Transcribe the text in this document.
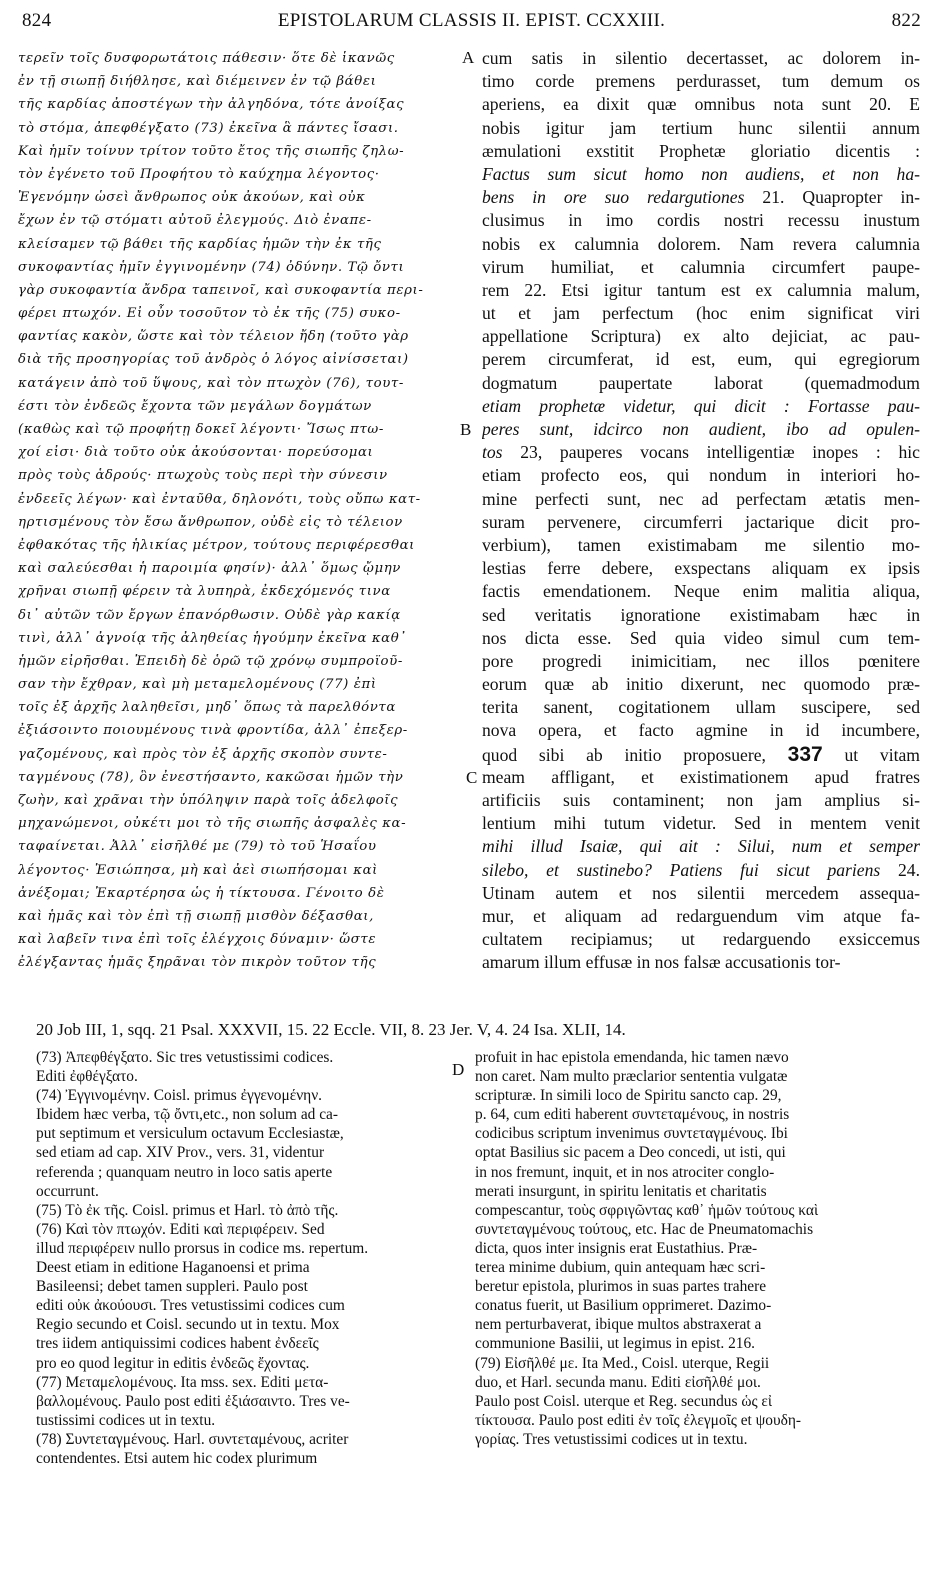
824	EPISTOLARUM CLASSIS II. EPIST. CCXXIII.	822
τερεῖν τοῖς δυσφορωτάτοις πάθεσιν· ὅτε δὲ ἱκανῶς
ἐν τῇ σιωπῇ διήθλησε, καὶ διέμεινεν ἐν τῷ βάθει
τῆς καρδίας ἀποστέγων τὴν ἀλγηδόνα, τότε ἀνοίξας
τὸ στόμα, ἀπεφθέγξατο (73) ἐκεῖνα ἃ πάντες ἴσασι.
Καὶ ἡμῖν τοίνυν τρίτον τοῦτο ἔτος τῆς σιωπῆς ζηλω-
τὸν ἐγένετο τοῦ Προφήτου τὸ καύχημα λέγοντος·
Ἐγενόμην ὡσεὶ ἄνθρωπος οὐκ ἀκούων, καὶ οὐκ
ἔχων ἐν τῷ στόματι αὐτοῦ ἐλεγμούς. Διὸ ἐναπε-
κλείσαμεν τῷ βάθει τῆς καρδίας ἡμῶν τὴν ἐκ τῆς
συκοφαντίας ἡμῖν ἐγγινομένην (74) ὀδύνην. Τῷ ὄντι
γὰρ συκοφαντία ἄνδρα ταπεινοῖ, καὶ συκοφαντία περι-
φέρει πτωχόν. Εἰ οὖν τοσοῦτον τὸ ἐκ τῆς (75) συκο-
φαντίας κακὸν, ὥστε καὶ τὸν τέλειον ἤδη (τοῦτο γὰρ
διὰ τῆς προσηγορίας τοῦ ἀνδρὸς ὁ λόγος αἰνίσσεται)
κατάγειν ἀπὸ τοῦ ὕψους, καὶ τὸν πτωχὸν (76), τουτ-
έστι τὸν ἐνδεῶς ἔχοντα τῶν μεγάλων δογμάτων
(καθὼς καὶ τῷ προφήτῃ δοκεῖ λέγοντι· Ἴσως πτω-
χοί εἰσι· διὰ τοῦτο οὐκ ἀκούσονται· πορεύσομαι
πρὸς τοὺς ἁδρούς· πτωχοὺς τοὺς περὶ τὴν σύνεσιν
ἐνδεεῖς λέγων· καὶ ἐνταῦθα, δηλονότι, τοὺς οὔπω κατ-
ηρτισμένους τὸν ἔσω ἄνθρωπον, οὐδὲ εἰς τὸ τέλειον
ἐφθακότας τῆς ἡλικίας μέτρον, τούτους περιφέρεσθαι
καὶ σαλεύεσθαι ἡ παροιμία φησίν)· ἀλλ᾽ ὅμως ᾤμην
χρῆναι σιωπῇ φέρειν τὰ λυπηρὰ, ἐκδεχόμενός τινα
δι᾽ αὐτῶν τῶν ἔργων ἐπανόρθωσιν. Οὐδὲ γὰρ κακίᾳ
τινὶ, ἀλλ᾽ ἀγνοίᾳ τῆς ἀληθείας ἡγούμην ἐκεῖνα καθ᾽
ἡμῶν εἰρῆσθαι. Ἐπειδὴ δὲ ὁρῶ τῷ χρόνῳ συμπροϊοῦ-
σαν τὴν ἔχθραν, καὶ μὴ μεταμελομένους (77) ἐπὶ
τοῖς ἐξ ἀρχῆς λαληθεῖσι, μηδ᾽ ὅπως τὰ παρελθόντα
ἐξιάσοιντο ποιουμένους τινὰ φροντίδα, ἀλλ᾽ ἐπεξερ-
γαζομένους, καὶ πρὸς τὸν ἐξ ἀρχῆς σκοπὸν συντε-
ταγμένους (78), ὃν ἐνεστήσαντο, κακῶσαι ἡμῶν τὴν
ζωὴν, καὶ χρᾶναι τὴν ὑπόληψιν παρὰ τοῖς ἀδελφοῖς
μηχανώμενοι, οὐκέτι μοι τὸ τῆς σιωπῆς ἀσφαλὲς κα-
ταφαίνεται. Ἀλλ᾽ εἰσῆλθέ με (79) τὸ τοῦ Ἡσαΐου
λέγοντος· Ἐσιώπησα, μὴ καὶ ἀεὶ σιωπήσομαι καὶ
ἀνέξομαι; Ἐκαρτέρησα ὡς ἡ τίκτουσα. Γένοιτο δὲ
καὶ ἡμᾶς καὶ τὸν ἐπὶ τῇ σιωπῇ μισθὸν δέξασθαι,
καὶ λαβεῖν τινα ἐπὶ τοῖς ἐλέγχοις δύναμιν· ὥστε
ἐλέγξαντας ἡμᾶς ξηρᾶναι τὸν πικρὸν τοῦτον τῆς
cum satis in silentio decertasset, ac dolorem in-
timo corde premens perdurasset, tum demum os
aperiens, ea dixit quæ omnibus nota sunt 20. E
nobis igitur jam tertium hunc silentii annum
æmulationi exstitit Prophetæ gloriatio dicentis :
Factus sum sicut homo non audiens, et non ha-
bens in ore suo redargutiones 21. Quapropter in-
clusimus in imo cordis nostri recessu inustum
nobis ex calumnia dolorem. Nam revera calumnia
virum humiliat, et calumnia circumfert paupe-
rem 22. Etsi igitur tantum est ex calumnia malum,
ut et jam perfectum (hoc enim significat viri
appellatione Scriptura) ex alto dejiciat, ac pau-
perem circumferat, id est, eum, qui egregiorum
dogmatum paupertate laborat (quemadmodum
etiam prophetæ videtur, qui dicit : Fortasse pau-
peres sunt, idcirco non audient, ibo ad opulen-
tos 23, pauperes vocans intelligentiæ inopes : hic
etiam profecto eos, qui nondum in interiori ho-
mine perfecti sunt, nec ad perfectam ætatis men-
suram pervenere, circumferri jactarique dicit pro-
verbium), tamen existimabam me silentio mo-
lestias ferre debere, exspectans aliquam ex ipsis
factis emendationem. Neque enim malitia aliqua,
sed veritatis ignoratione existimabam hæc in
nos dicta esse. Sed quia video simul cum tem-
pore progredi inimicitiam, nec illos pœnitere
eorum quæ ab initio dixerunt, nec quomodo præ-
terita sanent, cogitationem ullam suscipere, sed
nova opera, et facto agmine in id incumbere,
quod sibi ab initio proposuere, 337 ut vitam
meam affligant, et existimationem apud fratres
artificiis suis contaminent; non jam amplius si-
lentium mihi tutum videtur. Sed in mentem venit
mihi illud Isaiæ, qui ait : Silui, num et semper
silebo, et sustinebo? Patiens fui sicut pariens 24.
Utinam autem et nos silentii mercedem assequa-
mur, et aliquam ad redarguendum vim atque fa-
cultatem recipiamus; ut redarguendo exsiccemus
amarum illum effusæ in nos falsæ accusationis tor-
A
B
C
20 Job III, 1, sqq. 21 Psal. XXXVII, 15. 22 Eccle. VII, 8. 23 Jer. V, 4. 24 Isa. XLII, 14.
(73) Ἀπεφθέγξατο. Sic tres vetustissimi codices.
Editi ἐφθέγξατο.
(74) Ἐγγινομένην. Coisl. primus ἐγγενομένην.
Ibidem hæc verba, τῷ ὄντι,etc., non solum ad ca-
put septimum et versiculum octavum Ecclesiastæ,
sed etiam ad cap. XIV Prov., vers. 31, videntur
referenda ; quanquam neutro in loco satis aperte
occurrunt.
(75) Τὸ ἐκ τῆς. Coisl. primus et Harl. τὸ ἀπὸ τῆς.
(76) Καὶ τὸν πτωχόν. Editi καὶ περιφέρειν. Sed
illud περιφέρειν nullo prorsus in codice ms. repertum.
Deest etiam in editione Haganoensi et prima
Basileensi; debet tamen suppleri. Paulo post
editi οὐκ ἀκούουσι. Tres vetustissimi codices cum
Regio secundo et Coisl. secundo ut in textu. Mox
tres iidem antiquissimi codices habent ἐνδεεῖς
pro eo quod legitur in editis ἐνδεῶς ἔχοντας.
(77) Μεταμελομένους. Ita mss. sex. Editi μετα-
βαλλομένους. Paulo post editi ἐξιάσαιντο. Tres ve-
tustissimi codices ut in textu.
(78) Συντεταγμένους. Harl. συντεταμένους, acriter
contendentes. Etsi autem hic codex plurimum
D
profuit in hac epistola emendanda, hic tamen nævo
non caret. Nam multo præclarior sententia vulgatæ
scripturæ. In simili loco de Spiritu sancto cap. 29,
p. 64, cum editi haberent συντεταμένους, in nostris
codicibus scriptum invenimus συντεταγμένους. Ibi
optat Basilius sic pacem a Deo concedi, ut isti, qui
in nos fremunt, inquit, et in nos atrociter conglo-
merati insurgunt, in spiritu lenitatis et charitatis
compescantur, τοὺς σφριγῶντας καθ᾽ ἡμῶν τούτους καὶ
συντεταγμένους τούτους, etc. Hac de Pneumatomachis
dicta, quos inter insignis erat Eustathius. Præ-
terea minime dubium, quin antequam hæc scri-
beretur epistola, plurimos in suas partes trahere
conatus fuerit, ut Basilium opprimeret. Dazimo-
nem perturbaverat, ibique multos abstraxerat a
communione Basilii, ut legimus in epist. 216.
(79) Εἰσῆλθέ με. Ita Med., Coisl. uterque, Regii
duo, et Harl. secunda manu. Editi εἰσῆλθέ μοι.
Paulo post Coisl. uterque et Reg. secundus ὡς εἰ
τίκτουσα. Paulo post editi ἐν τοῖς ἐλεγμοῖς et ψουδη-
γορίας. Tres vetustissimi codices ut in textu.
